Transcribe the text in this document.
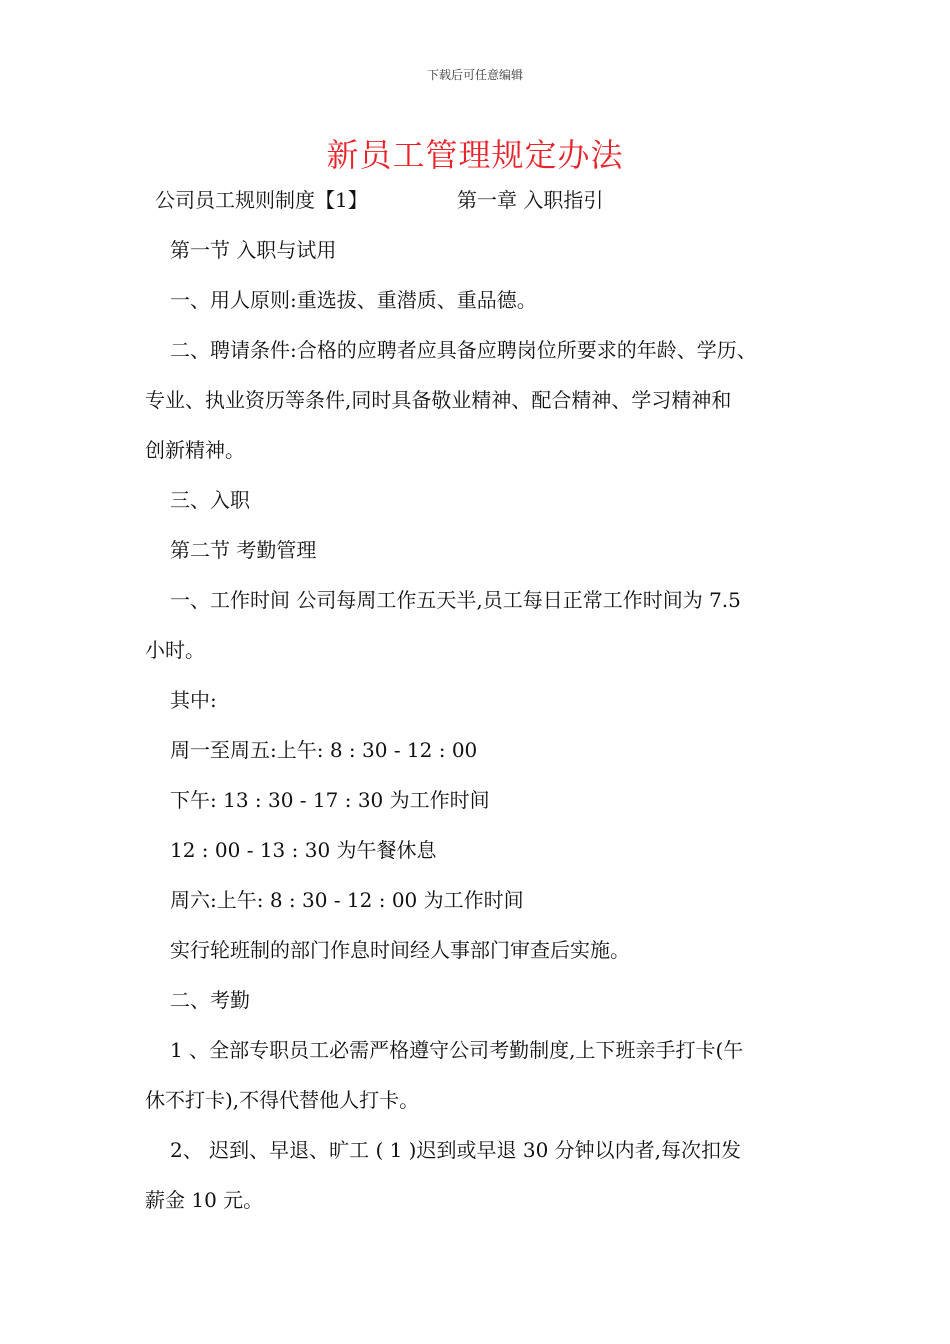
下载后可任意编辑
新员工管理规定办法
公司员工规则制度【1】	第一章 入职指引
第一节 入职与试用
一、用人原则:重选拔、重潜质、重品德。
二、聘请条件:合格的应聘者应具备应聘岗位所要求的年龄、学历、
专业、执业资历等条件,同时具备敬业精神、配合精神、学习精神和
创新精神。
三、入职
第二节 考勤管理
一、工作时间 公司每周工作五天半,员工每日正常工作时间为 7.5
小时。
其中:
周一至周五:上午: 8 : 30 - 12 : 00
下午: 13 : 30 - 17 : 30 为工作时间
12 : 00 - 13 : 30 为午餐休息
周六:上午: 8 : 30 - 12 : 00 为工作时间
实行轮班制的部门作息时间经人事部门审查后实施。
二、考勤
1 、全部专职员工必需严格遵守公司考勤制度,上下班亲手打卡(午
休不打卡),不得代替他人打卡。
2、 迟到、早退、旷工 ( 1 )迟到或早退 30 分钟以内者,每次扣发
薪金 10 元。
